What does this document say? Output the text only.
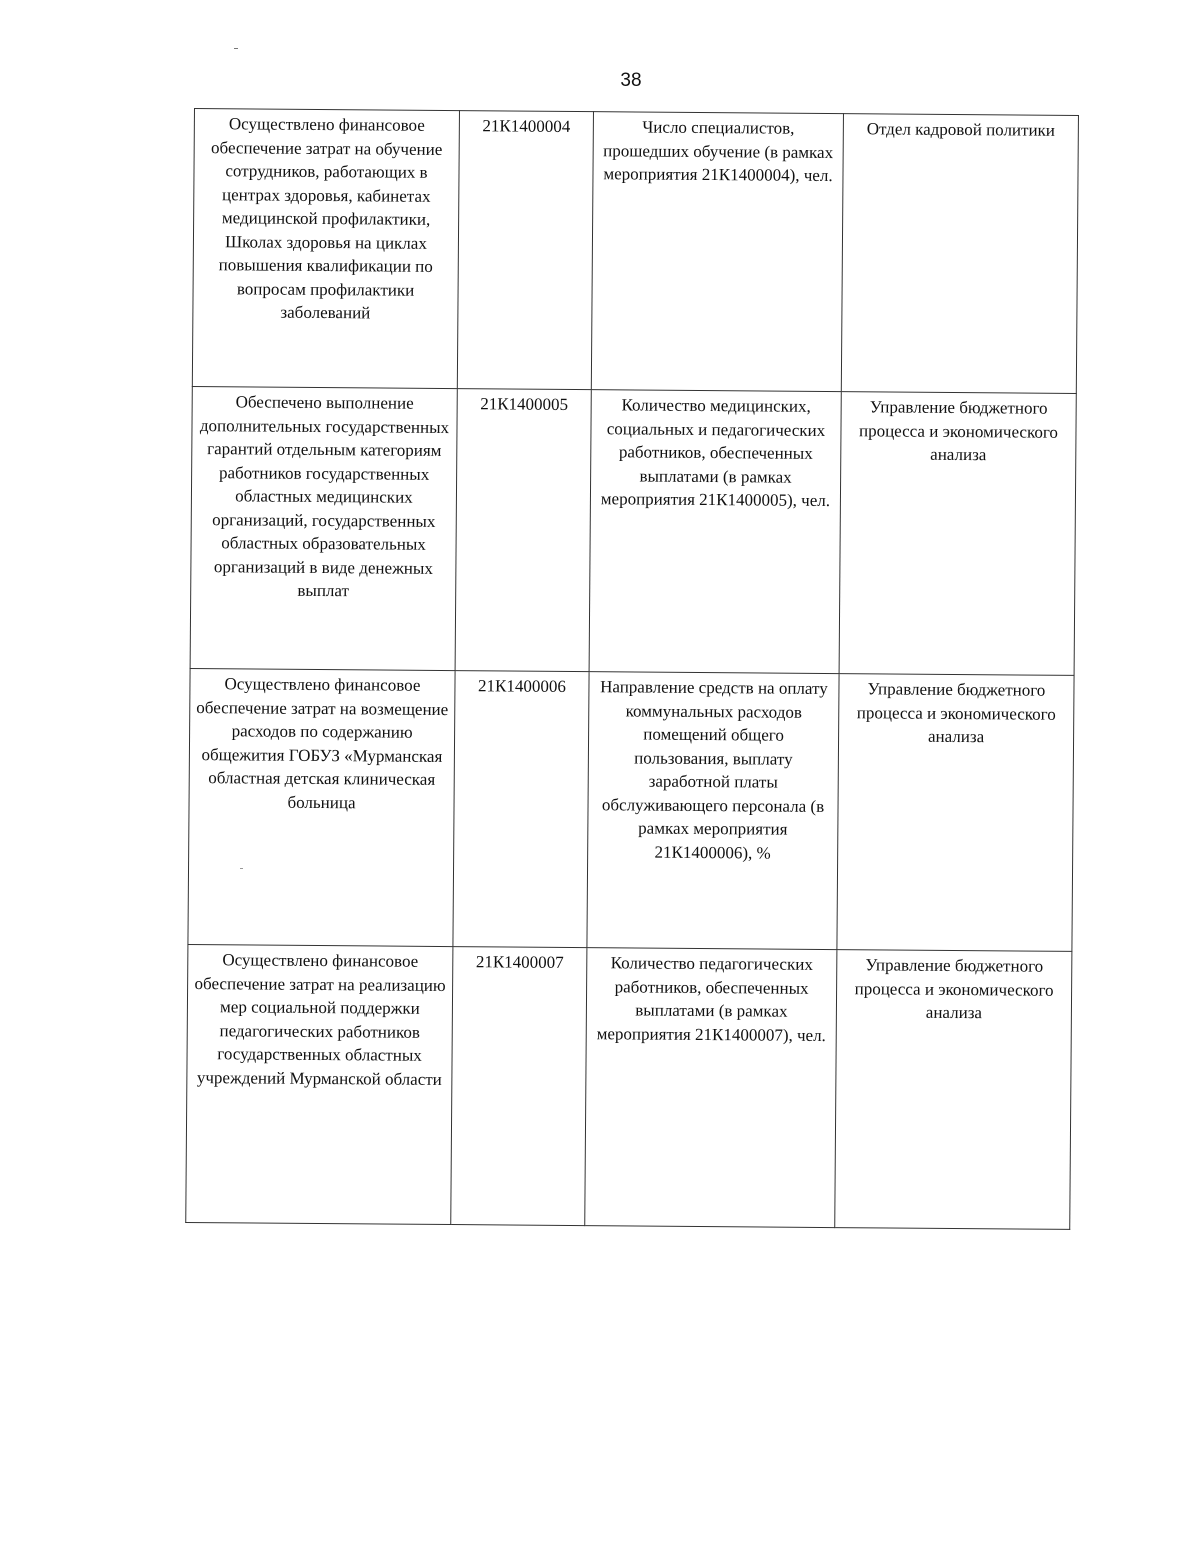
38
Осуществлено финансовое обеспечение затрат на обучение сотрудников, работающих в центрах здоровья, кабинетах медицинской профилактики, Школах здоровья на циклах повышения квалификации по вопросам профилактики заболеваний	21К1400004	Число специалистов, прошедших обучение (в рамках мероприятия 21К1400004), чел.	Отдел кадровой политики
Обеспечено выполнение дополнительных государственных гарантий отдельным категориям работников государственных областных медицинских организаций, государственных областных образовательных организаций в виде денежных выплат	21К1400005	Количество медицинских, социальных и педагогических работников, обеспеченных выплатами (в рамках мероприятия 21К1400005), чел.	Управление бюджетного процесса и экономического анализа
Осуществлено финансовое обеспечение затрат на возмещение расходов по содержанию общежития ГОБУЗ «Мурманская областная детская клиническая больница	21К1400006	Направление средств на оплату коммунальных расходов помещений общего пользования, выплату заработной платы обслуживающего персонала (в рамках мероприятия 21К1400006), %	Управление бюджетного процесса и экономического анализа
Осуществлено финансовое обеспечение затрат на реализацию мер социальной поддержки педагогических работников государственных областных учреждений Мурманской области	21К1400007	Количество педагогических работников, обеспеченных выплатами (в рамках мероприятия 21К1400007), чел.	Управление бюджетного процесса и экономического анализа
